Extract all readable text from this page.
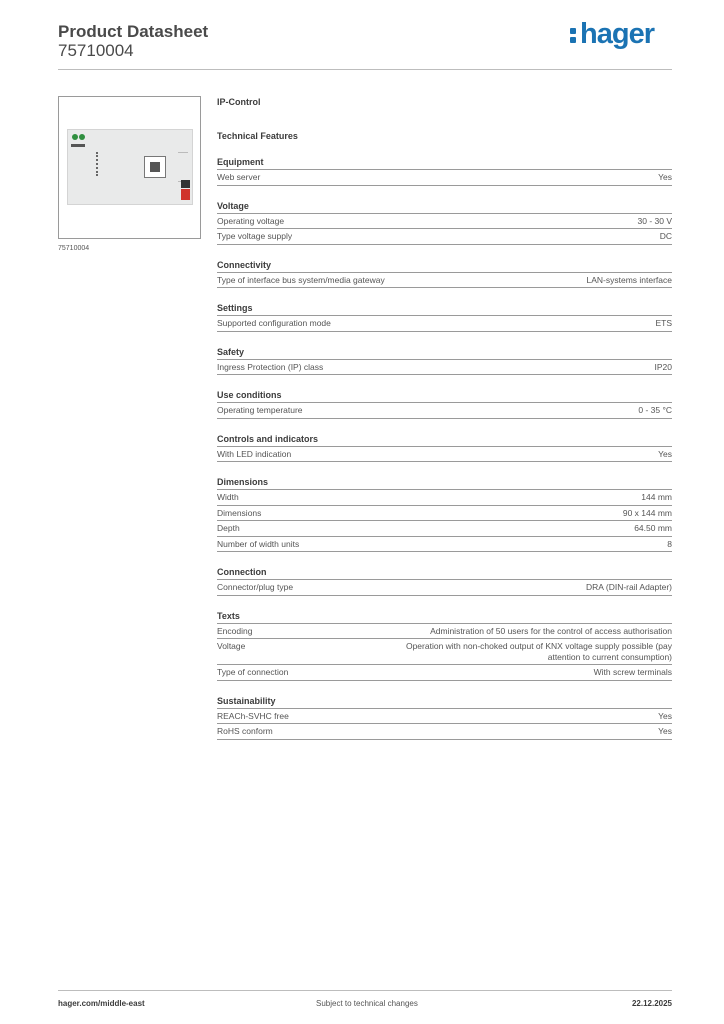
Product Datasheet
75710004
hager
75710004
IP-Control
Technical Features
Equipment
Web server	Yes
Voltage
Operating voltage	30 - 30 V
Type voltage supply	DC
Connectivity
Type of interface bus system/media gateway	LAN-systems interface
Settings
Supported configuration mode	ETS
Safety
Ingress Protection (IP) class	IP20
Use conditions
Operating temperature	0 - 35 °C
Controls and indicators
With LED indication	Yes
Dimensions
Width	144 mm
Dimensions	90 x 144 mm
Depth	64.50 mm
Number of width units	8
Connection
Connector/plug type	DRA (DIN-rail Adapter)
Texts
Encoding	Administration of 50 users for the control of access authorisation
Voltage	Operation with non-choked output of KNX voltage supply possible (pay attention to current consumption)
Type of connection	With screw terminals
Sustainability
REACh-SVHC free	Yes
RoHS conform	Yes
hager.com/middle-east	Subject to technical changes	22.12.2025
